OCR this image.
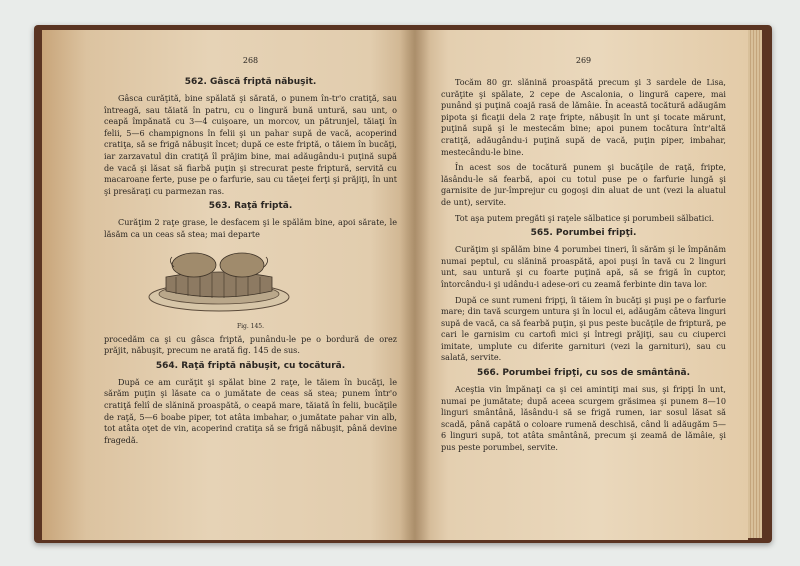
268
562. Gâscă friptă năbuşit.

Gâsca curăţită, bine spălată şi sărată, o punem în-tr'o cratiţă, sau întreagă, sau tăiată în patru, cu o lingură bună untură, sau unt, o ceapă împănată cu 3—4 cuişoare, un morcov, un pătrunjel, tăiaţi în felii, 5—6 champignons în felii şi un pahar supă de vacă, acoperind cratiţa, să se frigă năbuşit încet; după ce este friptă, o tăiem în bucăţi, iar zarzavatul din cratiţă îl prăjim bine, mai adăugându-i puţină supă de vacă şi lăsat să fiarbă puţin şi strecurat peste friptură, servită cu macaroane ferte, puse pe o farfurie, sau cu tăeţei ferţi şi prăjiţi, în unt şi presăraţi cu parmezan ras.

563. Raţă friptă.

Curăţim 2 raţe grase, le desfacem şi le spălăm bine, apoi sărate, le lăsăm ca un ceas să stea; mai departe

Fig. 145.

procedăm ca şi cu gâsca friptă, punându-le pe o bordură de orez prăjit, năbuşit, precum ne arată fig. 145 de sus.

564. Raţă friptă năbuşit, cu tocătură.

După ce am curăţit şi spălat bine 2 raţe, le tăiem în bucăţi, le sărăm puţin şi lăsate ca o jumătate de ceas să stea; punem într'o cratiţă feliî de slănină proaspătă, o ceapă mare, tăiată în felii, bucăţile de raţă, 5—6 boabe piper, tot atâta imbahar, o jumătate pahar vin alb, tot atâta oţet de vin, acoperind cratiţa să se frigă năbuşit, până devine fragedă.

269

Tocăm 80 gr. slănină proaspătă precum şi 3 sardele de Lisa, curăţite şi spălate, 2 cepe de Ascalonia, o lingură capere, mai punând şi puţină coajă rasă de lămâie. În această tocătură adăugăm pipota şi ficaţii dela 2 raţe fripte, năbuşit în unt şi tocate mărunt, puţină supă şi le mestecăm bine; apoi punem tocătura într'altă cratiţă, adăugându-i puţină supă de vacă, puţin piper, imbahar, mestecându-le bine.

În acest sos de tocătură punem şi bucăţile de raţă, fripte, lăsându-le să fearbă, apoi cu totul puse pe o farfurie lungă şi garnisite de jur-împrejur cu gogoşi din aluat de unt (vezi la aluatul de unt), servite.

Tot aşa putem pregăti şi raţele sălbatice şi porumbeii sălbatici.

565. Porumbei fripţi.

Curăţim şi spălăm bine 4 porumbei tineri, îi sărăm şi le împănăm numai peptul, cu slănină proaspătă, apoi puşi în tavă cu 2 linguri unt, sau untură şi cu foarte puţină apă, să se frigă în cuptor, întorcându-i şi udându-i adese-ori cu zeamă ferbinte din tava lor.

După ce sunt rumeni fripţi, îi tăiem în bucăţi şi puşi pe o farfurie mare; din tavă scurgem untura şi în locul ei, adăugăm câteva linguri supă de vacă, ca să fearbă puţin, şi pus peste bucăţile de friptură, pe cari le garnisim cu cartofi mici şi întregi prăjiţi, sau cu ciuperci imitate, umplute cu diferite garnituri (vezi la garnituri), sau cu salată, servite.

566. Porumbei fripţi, cu sos de smântână.

Aceştia vin împănaţi ca şi cei amintiţi mai sus, şi fripţi în unt, numai pe jumătate; după aceea scurgem grăsimea şi punem 8—10 linguri smântână, lăsându-i să se frigă rumen, iar sosul lăsat să scadă, până capătă o coloare rumenă deschisă, când îi adăugăm 5—6 linguri supă, tot atâta smântână, precum şi zeamă de lămâie, şi pus peste porumbei, servite.
